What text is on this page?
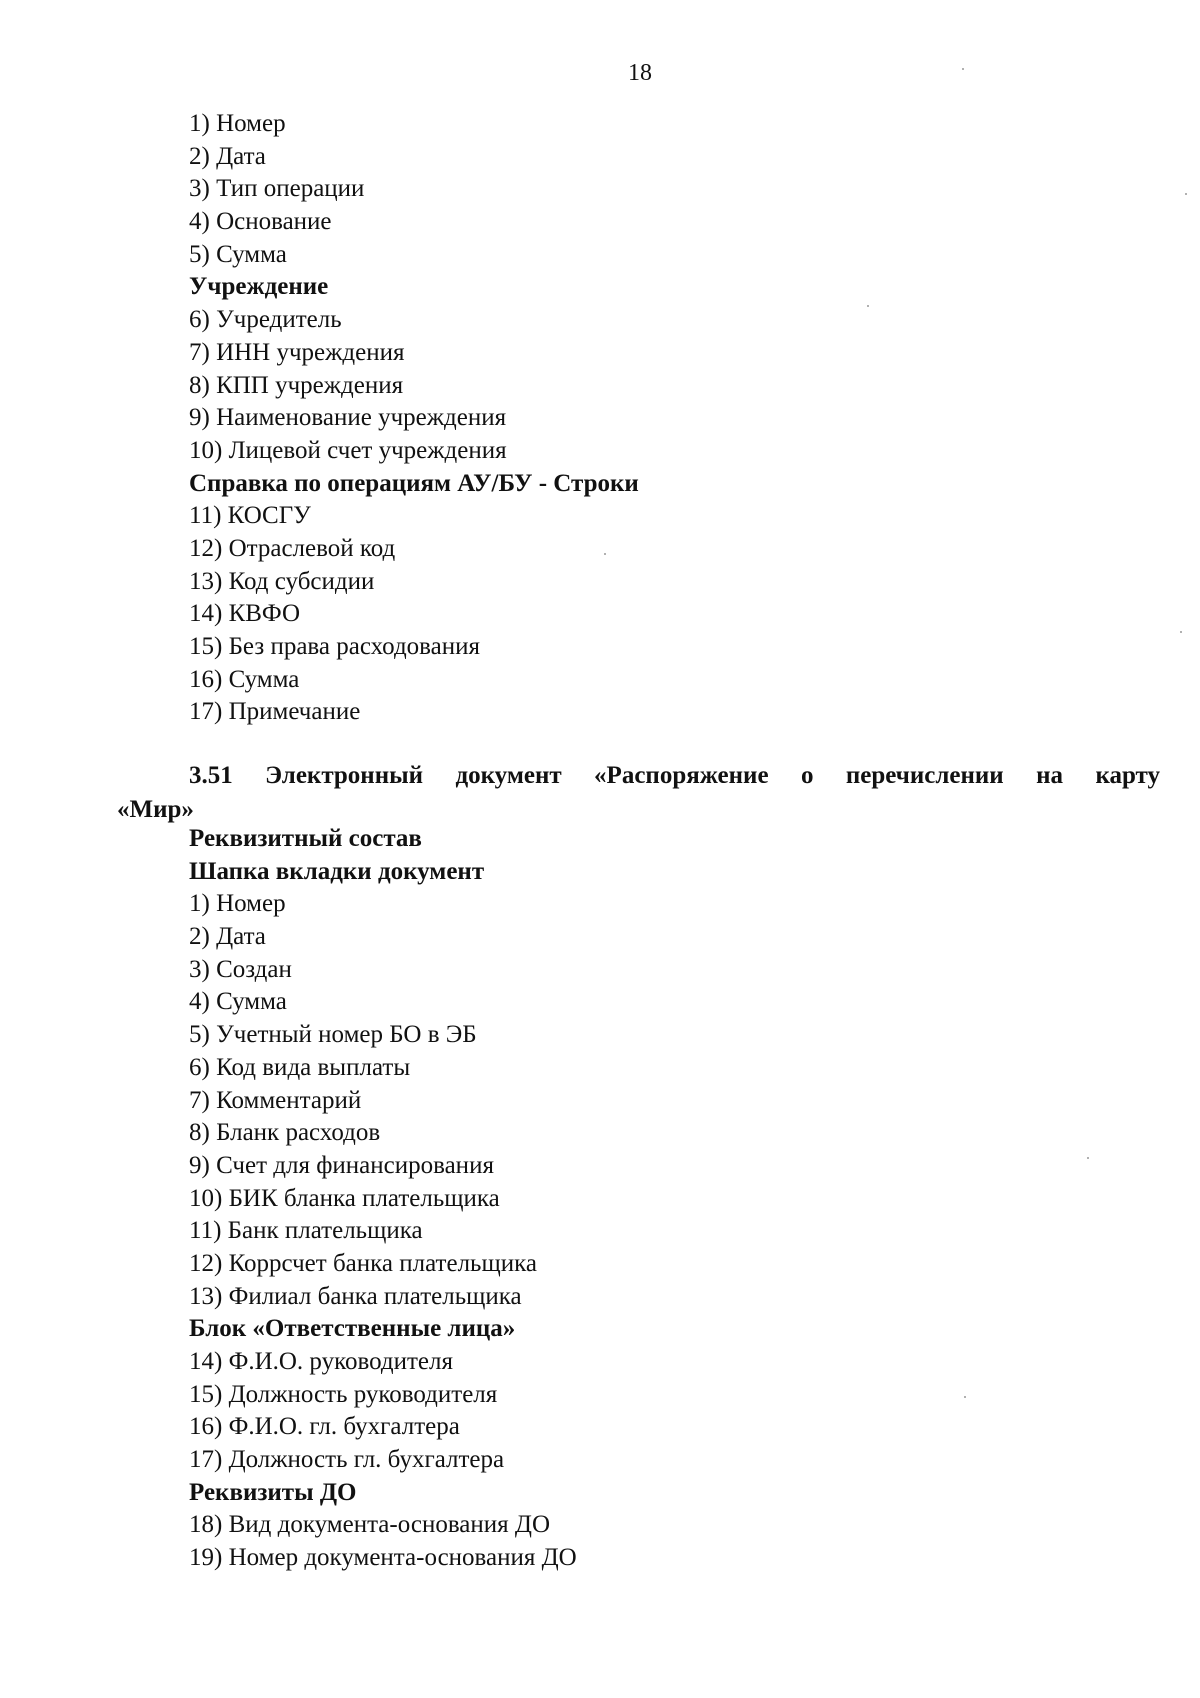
18
1) Номер
2) Дата
3) Тип операции
4) Основание
5) Сумма
Учреждение
6) Учредитель
7) ИНН учреждения
8) КПП учреждения
9) Наименование учреждения
10) Лицевой счет учреждения
Справка по операциям АУ/БУ - Строки
11) КОСГУ
12) Отраслевой код
13) Код субсидии
14) КВФО
15) Без права расходования
16) Сумма
17) Примечание
3.51 Электронный документ «Распоряжение о перечислении на карту
«Мир»
Реквизитный состав
Шапка вкладки документ
1) Номер
2) Дата
3) Создан
4) Сумма
5) Учетный номер БО в ЭБ
6) Код вида выплаты
7) Комментарий
8) Бланк расходов
9) Счет для финансирования
10) БИК бланка плательщика
11) Банк плательщика
12) Коррсчет банка плательщика
13) Филиал банка плательщика
Блок «Ответственные лица»
14) Ф.И.О. руководителя
15) Должность руководителя
16) Ф.И.О. гл. бухгалтера
17) Должность гл. бухгалтера
Реквизиты ДО
18) Вид документа-основания ДО
19) Номер документа-основания ДО
